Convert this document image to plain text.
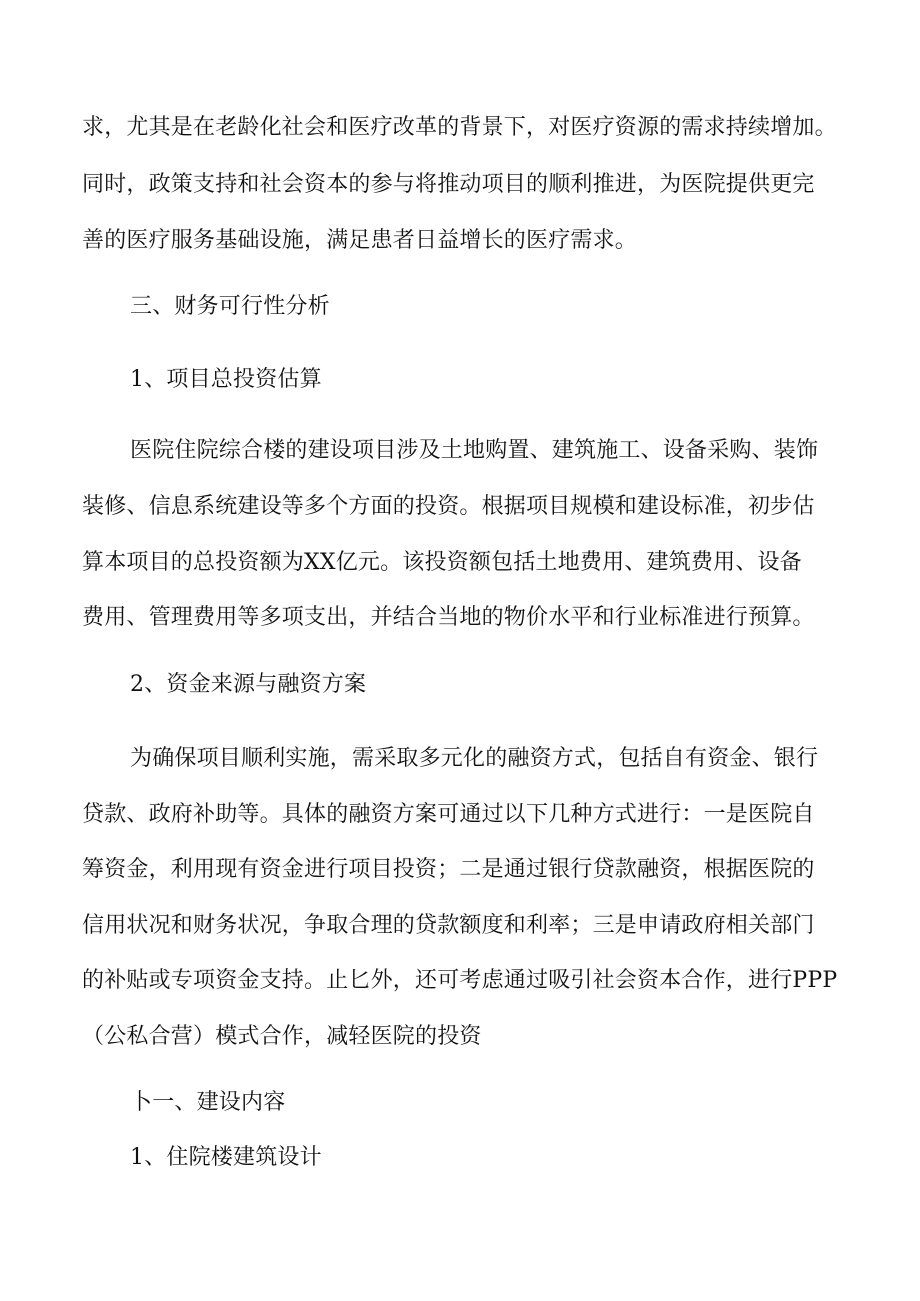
求，尤其是在老龄化社会和医疗改革的背景下，对医疗资源的需求持续增加。
同时，政策支持和社会资本的参与将推动项目的顺利推进，为医院提供更完
善的医疗服务基础设施，满足患者日益增长的医疗需求。
三、财务可行性分析
1、项目总投资估算
医院住院综合楼的建设项目涉及土地购置、建筑施工、设备采购、装饰
装修、信息系统建设等多个方面的投资。根据项目规模和建设标准，初步估
算本项目的总投资额为XX亿元。该投资额包括土地费用、建筑费用、设备
费用、管理费用等多项支出，并结合当地的物价水平和行业标准进行预算。
2、资金来源与融资方案
为确保项目顺利实施，需采取多元化的融资方式，包括自有资金、银行
贷款、政府补助等。具体的融资方案可通过以下几种方式进行：一是医院自
筹资金，利用现有资金进行项目投资；二是通过银行贷款融资，根据医院的
信用状况和财务状况，争取合理的贷款额度和利率；三是申请政府相关部门
的补贴或专项资金支持。止匕外，还可考虑通过吸引社会资本合作，进行PPP
（公私合营）模式合作，减轻医院的投资
卜一、建设内容
1、住院楼建筑设计
